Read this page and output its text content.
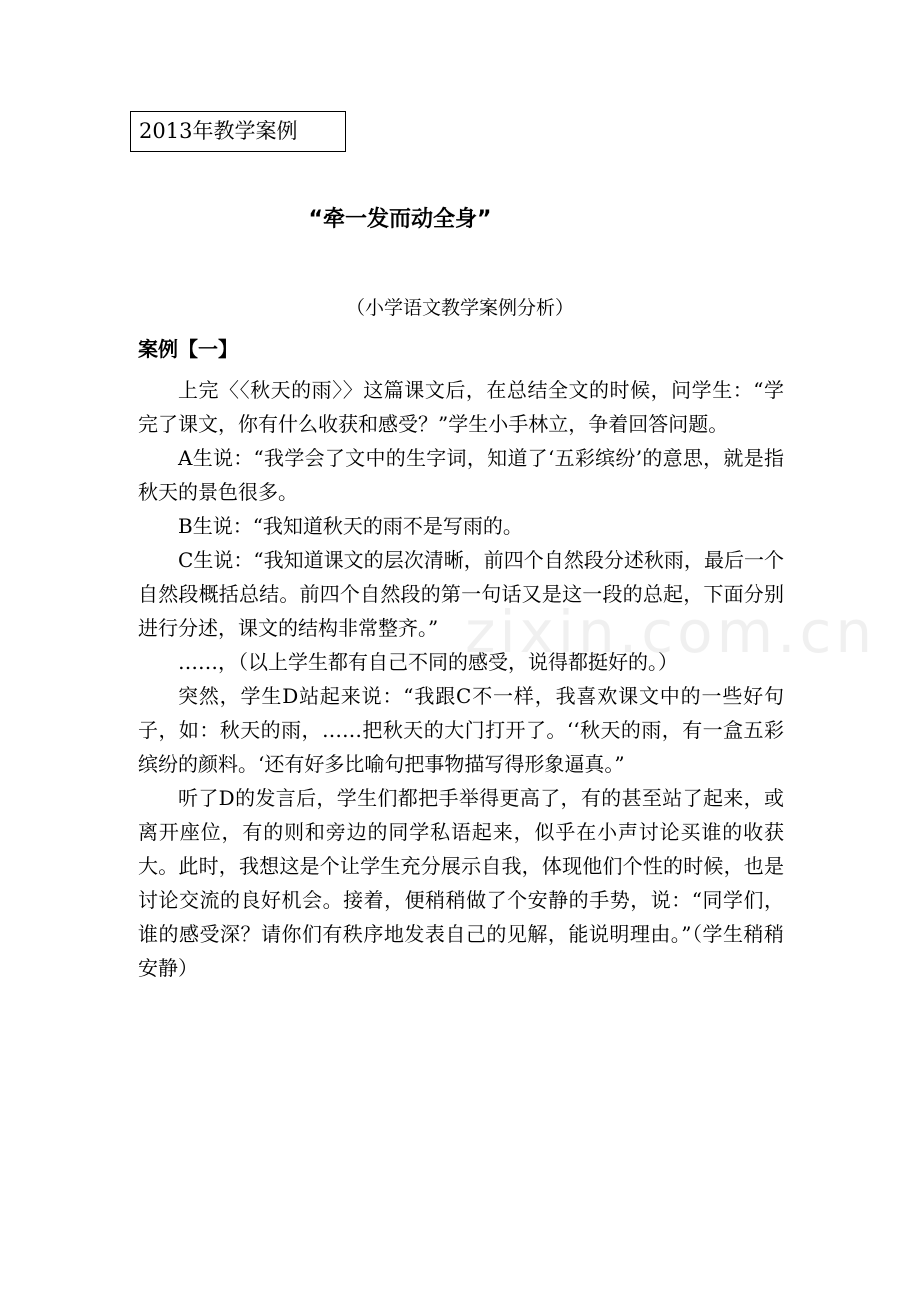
2013年教学案例
“牵一发而动全身”
（小学语文教学案例分析）
案例【一】

上完〈〈秋天的雨〉〉这篇课文后，在总结全文的时候，问学生：“学完了课文，你有什么收获和感受？”学生小手林立，争着回答问题。

A生说：“我学会了文中的生字词，知道了‘五彩缤纷’的意思，就是指秋天的景色很多。

B生说：“我知道秋天的雨不是写雨的。

C生说：“我知道课文的层次清晰，前四个自然段分述秋雨，最后一个自然段概括总结。前四个自然段的第一句话又是这一段的总起，下面分别进行分述，课文的结构非常整齐。”

……，（以上学生都有自己不同的感受，说得都挺好的。）

突然，学生D站起来说：“我跟C不一样，我喜欢课文中的一些好句子，如：秋天的雨，……把秋天的大门打开了。‘‘秋天的雨，有一盒五彩缤纷的颜料。‘还有好多比喻句把事物描写得形象逼真。”

听了D的发言后，学生们都把手举得更高了，有的甚至站了起来，或离开座位，有的则和旁边的同学私语起来，似乎在小声讨论买谁的收获大。此时，我想这是个让学生充分展示自我，体现他们个性的时候，也是讨论交流的良好机会。接着，便稍稍做了个安静的手势，说：“同学们，谁的感受深？请你们有秩序地发表自己的见解，能说明理由。”（学生稍稍安静）

zixin.com.cn
